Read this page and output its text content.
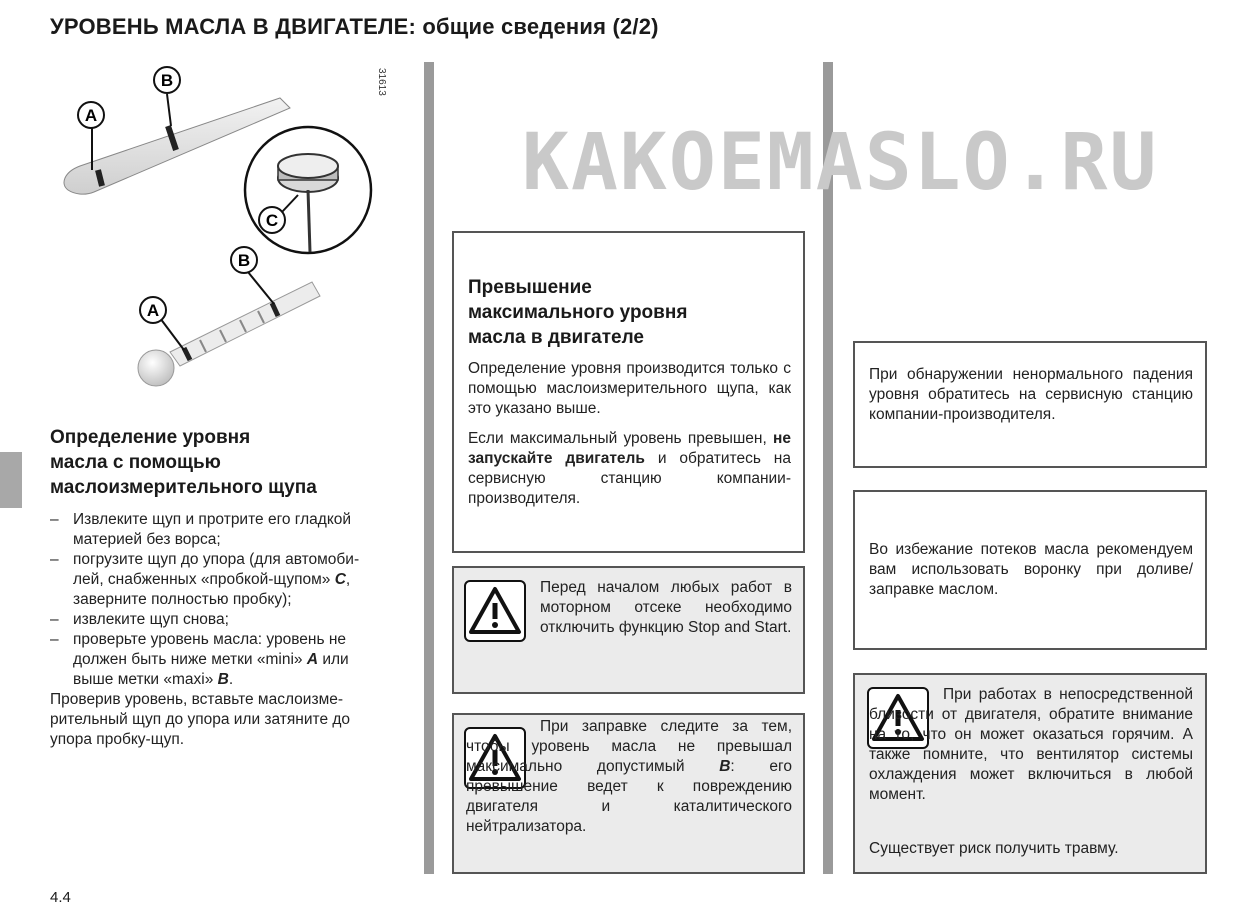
УРОВЕНЬ МАСЛА В ДВИГАТЕЛЕ: общие сведения (2/2)
KAKOEMASLO.RU
A
B
C
A
B
31613
Определение уровня
масла с помощью
маслоизмерительного щупа
– Извлеките щуп и протрите его гладкой
материей без ворса;
– погрузите щуп до упора (для автомоби-
лей, снабженных «пробкой-щупом» C,
заверните полностью пробку);
– извлеките щуп снова;
– проверьте уровень масла: уровень не
должен быть ниже метки «mini» A или
выше метки «maxi» B.
Проверив уровень, вставьте маслоизме-
рительный щуп до упора или затяните до
упора пробку-щуп.
Превышение
максимального уровня
масла в двигателе
Определение уровня производится только с помощью маслоизмерительного щупа, как это указано выше.
Если максимальный уровень превышен, не запускайте двигатель и обратитесь на сервисную станцию компании-производителя.
Перед началом любых работ в моторном отсеке необходимо отключить функцию Stop and Start.
При заправке следите за тем, чтобы уровень масла не превышал максимально допустимый B: его превышение ведет к повреждению двигателя и каталитического нейтрализатора.
При обнаружении ненормального падения уровня обратитесь на сервисную станцию компании-производителя.
Во избежание потеков масла рекомендуем вам использовать воронку при доливе/заправке маслом.
При работах в непосредственной близости от двигателя, обратите внимание на то, что он может оказаться горячим. А также помните, что вентилятор системы охлаждения может включиться в любой момент.
Существует риск получить травму.
4.4
